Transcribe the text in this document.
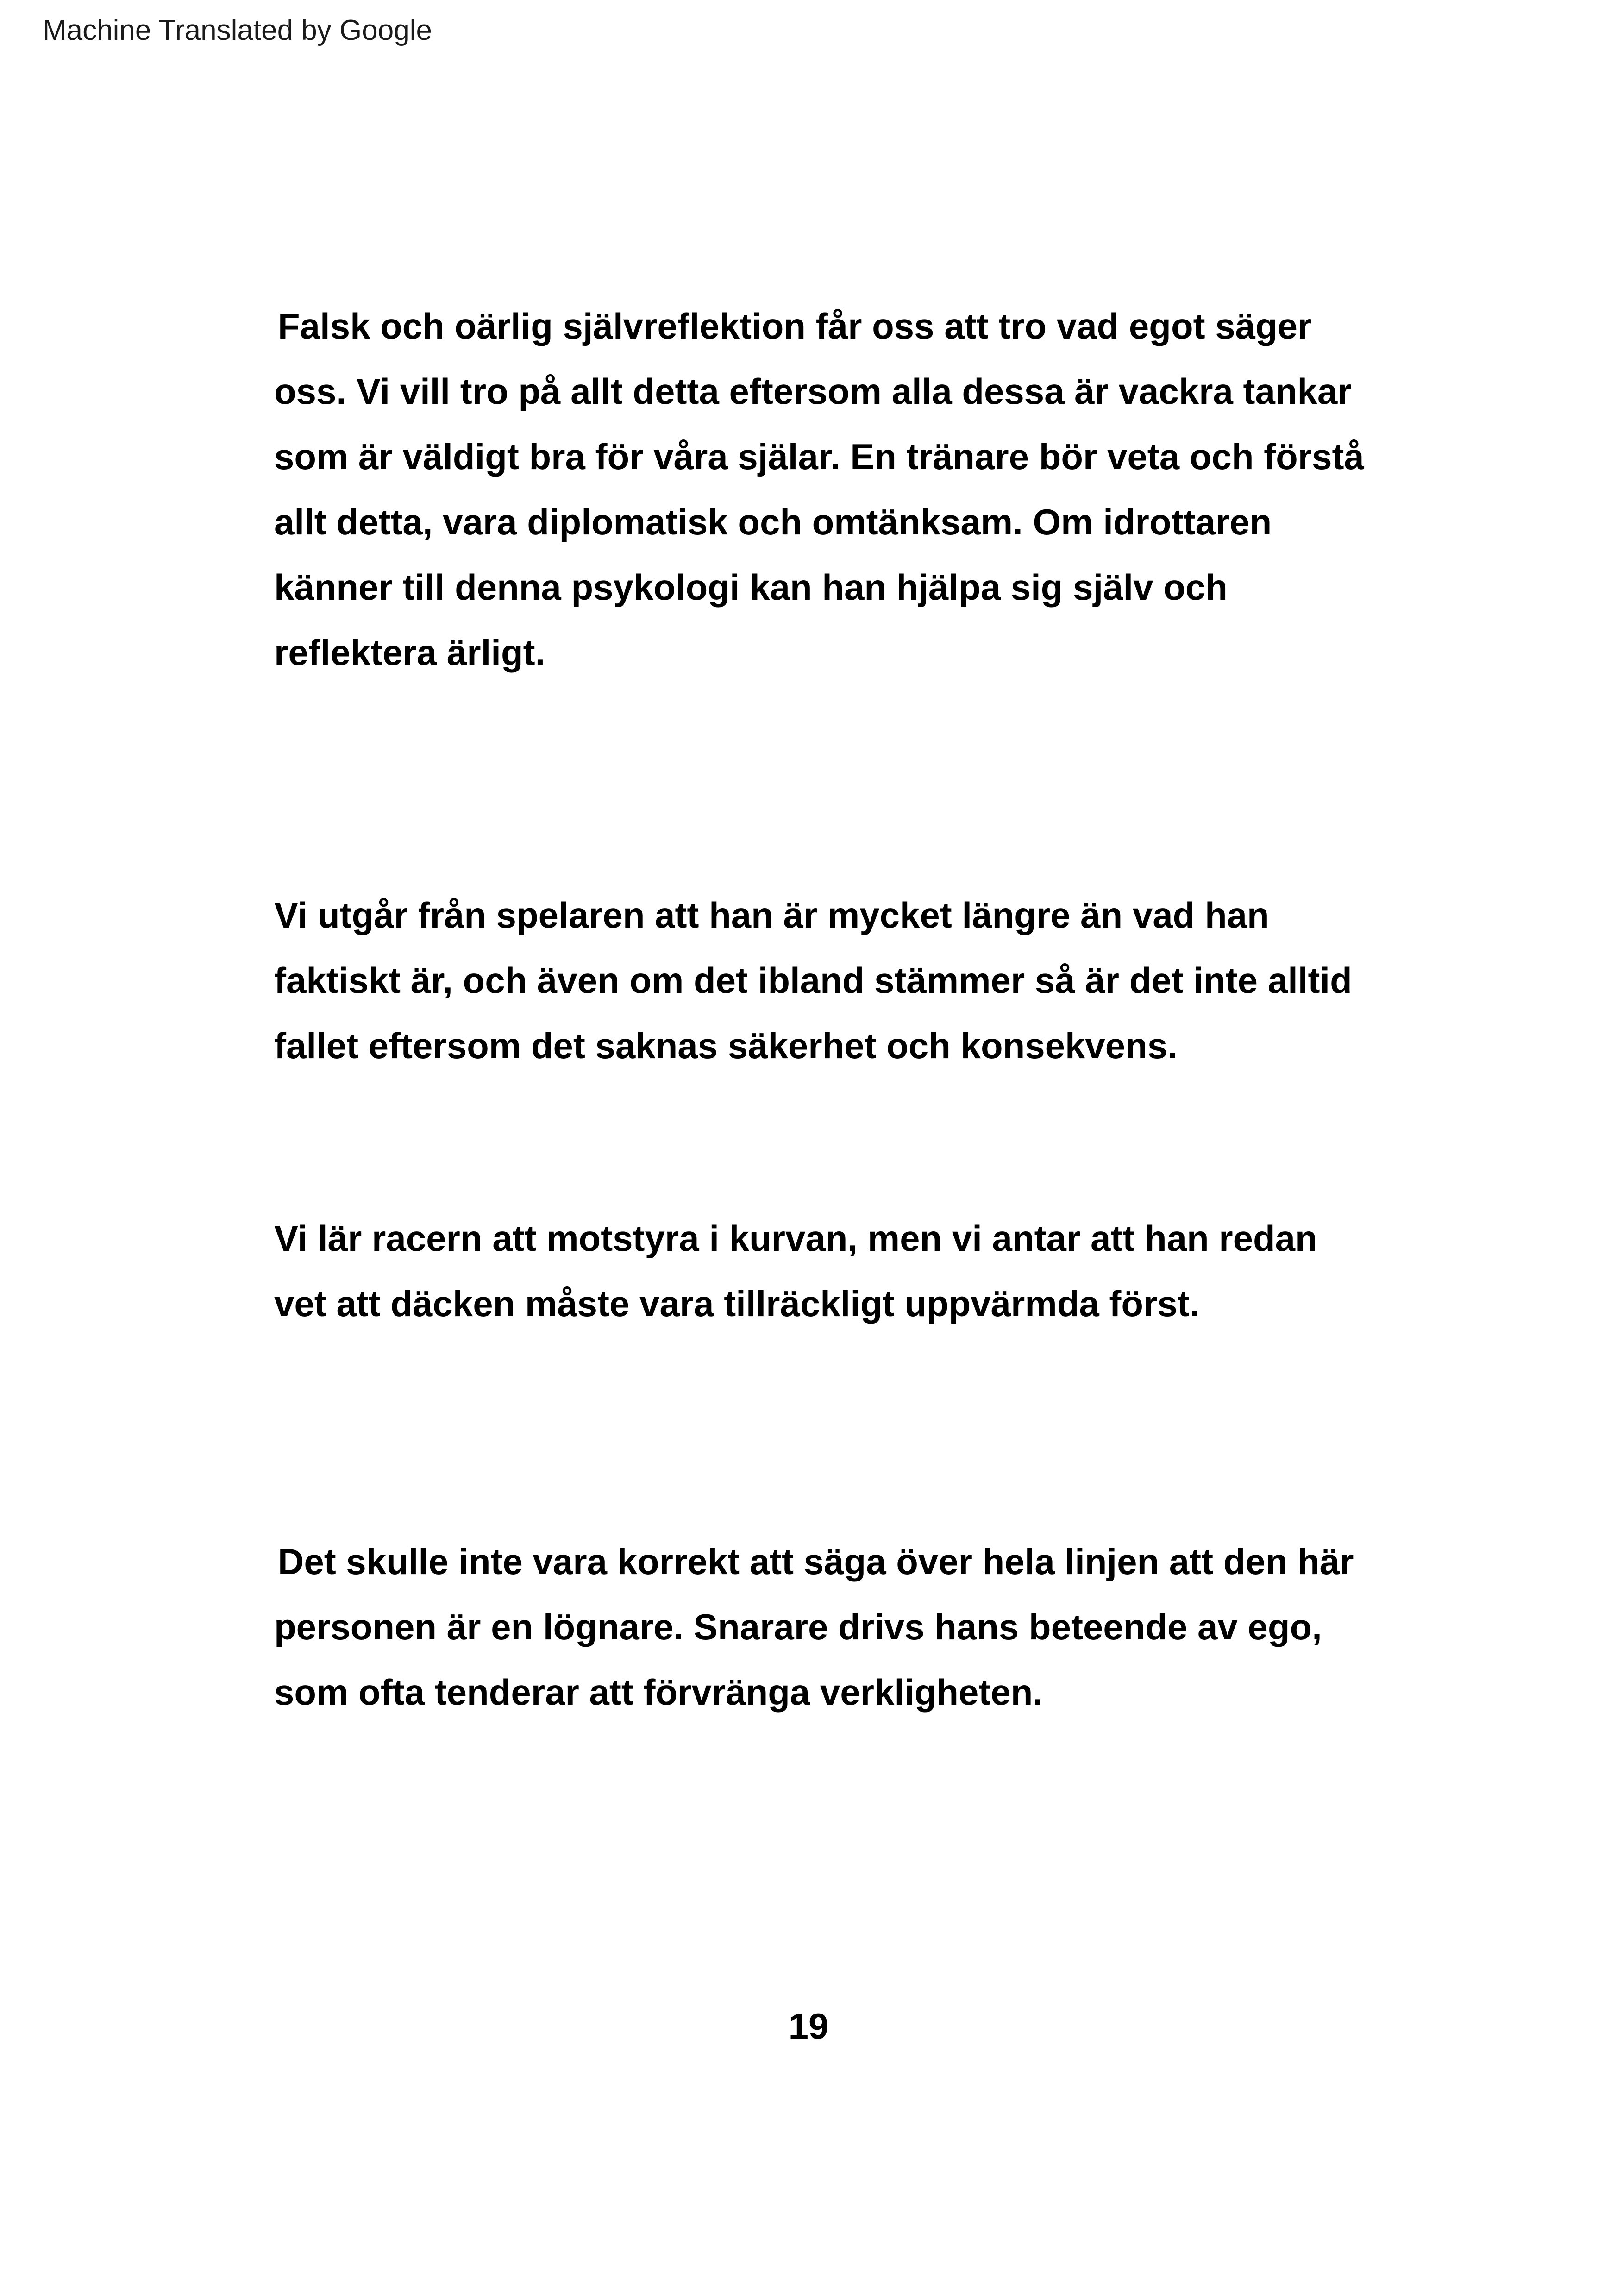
Machine Translated by Google

Falsk och oärlig självreflektion får oss att tro vad egot säger
oss. Vi vill tro på allt detta eftersom alla dessa är vackra tankar
som är väldigt bra för våra själar. En tränare bör veta och förstå
allt detta, vara diplomatisk och omtänksam. Om idrottaren
känner till denna psykologi kan han hjälpa sig själv och
reflektera ärligt.

Vi utgår från spelaren att han är mycket längre än vad han
faktiskt är, och även om det ibland stämmer så är det inte alltid
fallet eftersom det saknas säkerhet och konsekvens.

Vi lär racern att motstyra i kurvan, men vi antar att han redan
vet att däcken måste vara tillräckligt uppvärmda först.

Det skulle inte vara korrekt att säga över hela linjen att den här
personen är en lögnare. Snarare drivs hans beteende av ego,
som ofta tenderar att förvränga verkligheten.

19
